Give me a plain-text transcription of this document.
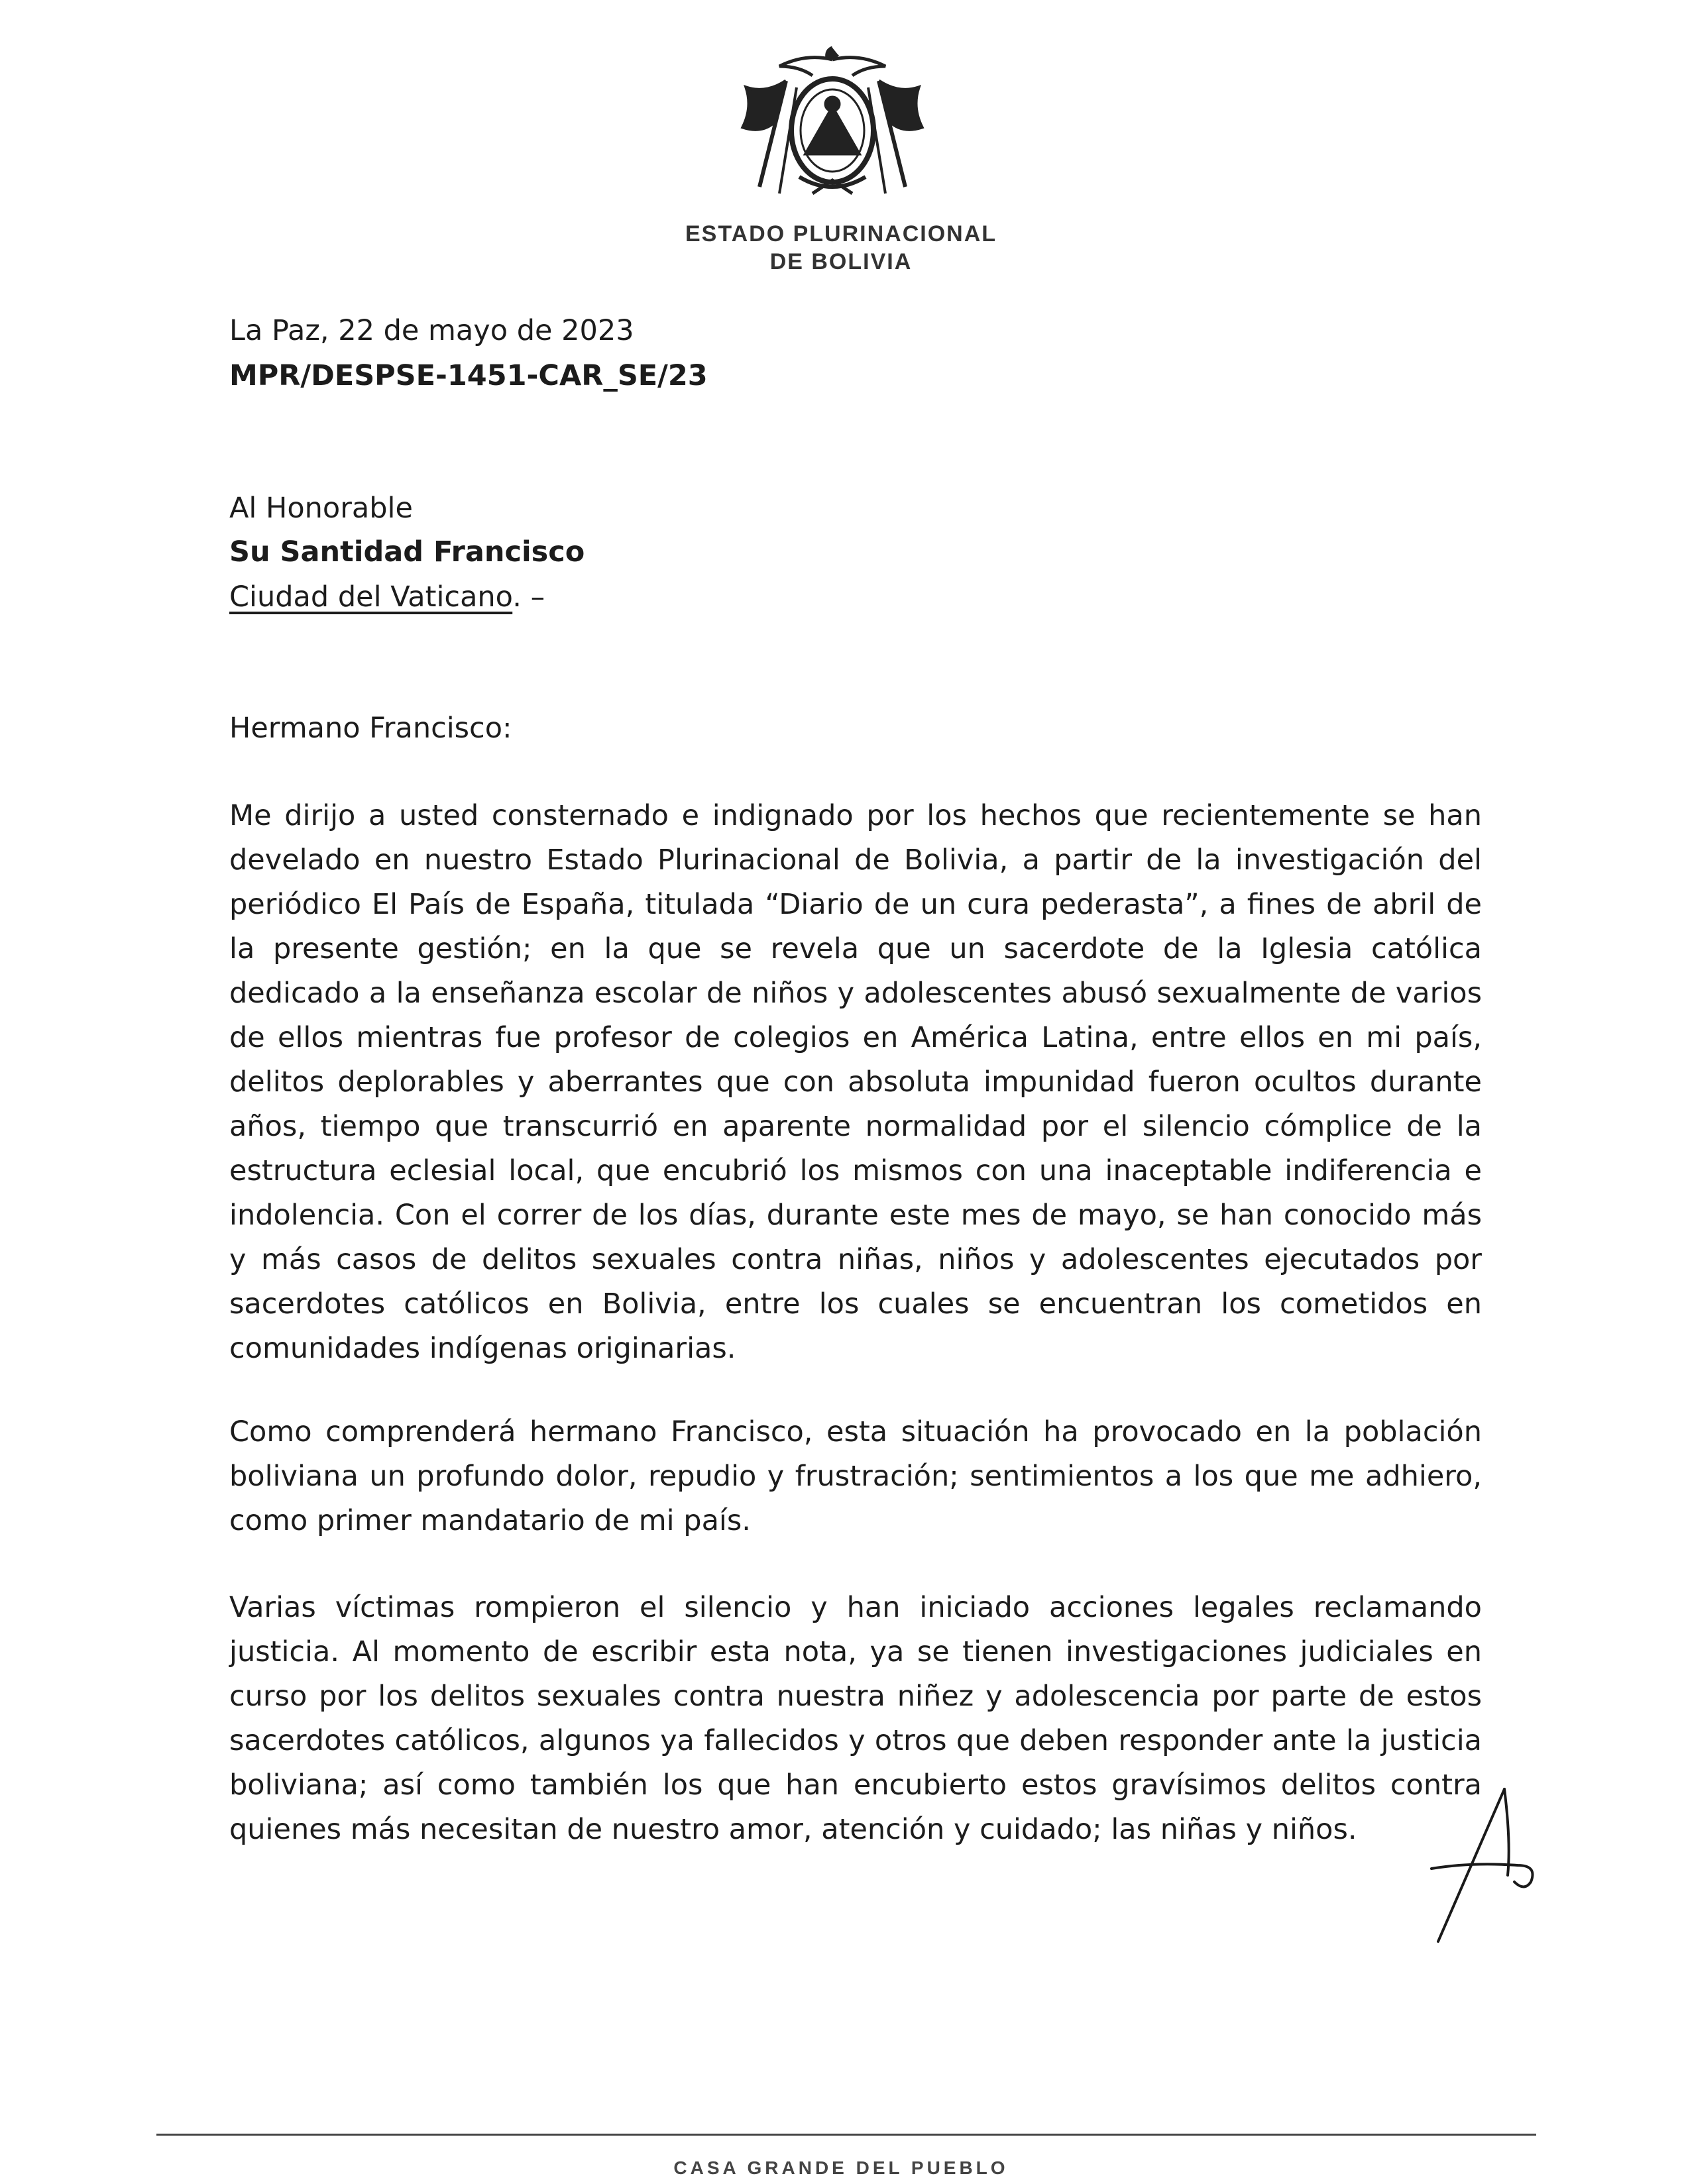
ESTADO PLURINACIONAL
DE BOLIVIA
La Paz, 22 de mayo de 2023
MPR/DESPSE-1451-CAR_SE/23
Al Honorable
Su Santidad Francisco
Ciudad del Vaticano. –
Hermano Francisco:

Me dirijo a usted consternado e indignado por los hechos que recientemente se han develado en nuestro Estado Plurinacional de Bolivia, a partir de la investigación del periódico El País de España, titulada “Diario de un cura pederasta”, a fines de abril de la presente gestión; en la que se revela que un sacerdote de la Iglesia católica dedicado a la enseñanza escolar de niños y adolescentes abusó sexualmente de varios de ellos mientras fue profesor de colegios en América Latina, entre ellos en mi país, delitos deplorables y aberrantes que con absoluta impunidad fueron ocultos durante años, tiempo que transcurrió en aparente normalidad por el silencio cómplice de la estructura eclesial local, que encubrió los mismos con una inaceptable indiferencia e indolencia. Con el correr de los días, durante este mes de mayo, se han conocido más y más casos de delitos sexuales contra niñas, niños y adolescentes ejecutados por sacerdotes católicos en Bolivia, entre los cuales se encuentran los cometidos en comunidades indígenas originarias.

Como comprenderá hermano Francisco, esta situación ha provocado en la población boliviana un profundo dolor, repudio y frustración; sentimientos a los que me adhiero, como primer mandatario de mi país.

Varias víctimas rompieron el silencio y han iniciado acciones legales reclamando justicia. Al momento de escribir esta nota, ya se tienen investigaciones judiciales en curso por los delitos sexuales contra nuestra niñez y adolescencia por parte de estos sacerdotes católicos, algunos ya fallecidos y otros que deben responder ante la justicia boliviana; así como también los que han encubierto estos gravísimos delitos contra quienes más necesitan de nuestro amor, atención y cuidado; las niñas y niños.

CASA GRANDE DEL PUEBLO
